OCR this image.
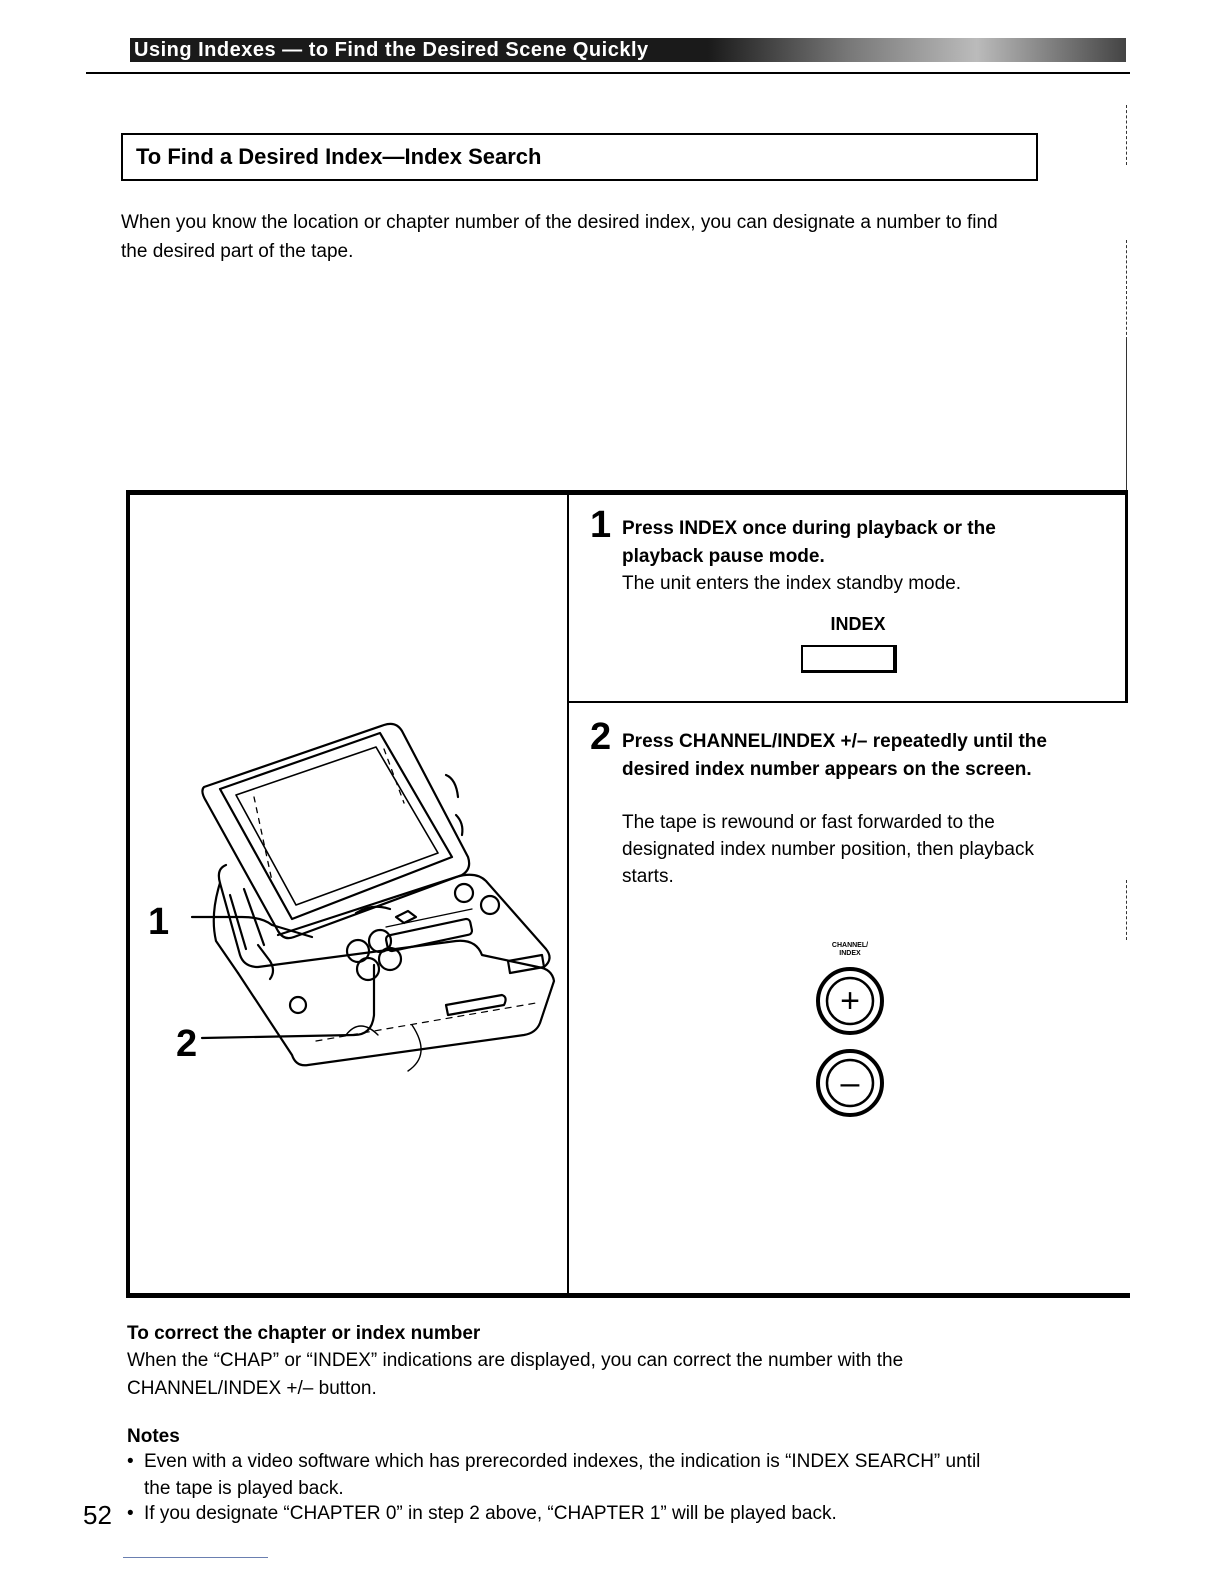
Using Indexes — to Find the Desired Scene Quickly
To Find a Desired Index—Index Search
When you know the location or chapter number of the desired index, you can designate a number to find the desired part of the tape.
1
2
1 Press INDEX once during playback or the playback pause mode.
The unit enters the index standby mode.
INDEX
2 Press CHANNEL/INDEX +/– repeatedly until the desired index number appears on the screen.
The tape is rewound or fast forwarded to the designated index number position, then playback starts.
CHANNEL/
INDEX
+
–
To correct the chapter or index number
When the “CHAP” or “INDEX” indications are displayed, you can correct the number with the CHANNEL/INDEX +/– button.
Notes
• Even with a video software which has prerecorded indexes, the indication is “INDEX SEARCH” until the tape is played back.
• If you designate “CHAPTER 0” in step 2 above, “CHAPTER 1” will be played back.
52
